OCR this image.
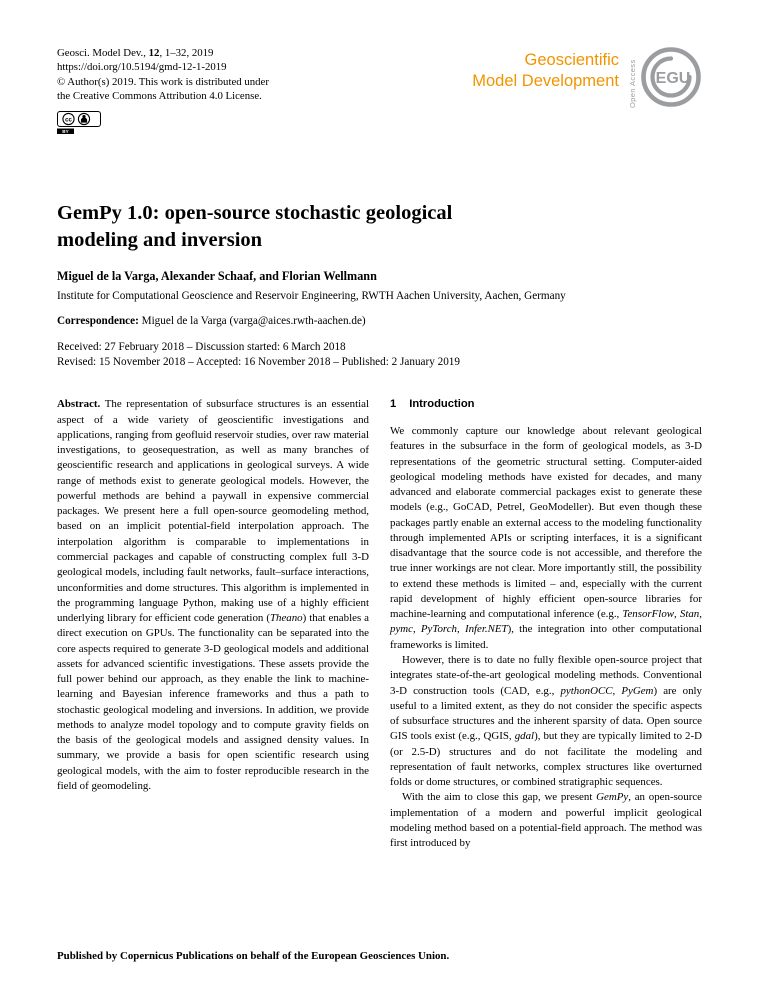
Geosci. Model Dev., 12, 1–32, 2019
https://doi.org/10.5194/gmd-12-1-2019
© Author(s) 2019. This work is distributed under
the Creative Commons Attribution 4.0 License.
cc
BY
Geoscientific
Model Development Open Access EGU
GemPy 1.0: open-source stochastic geological
modeling and inversion
Miguel de la Varga, Alexander Schaaf, and Florian Wellmann
Institute for Computational Geoscience and Reservoir Engineering, RWTH Aachen University, Aachen, Germany
Correspondence: Miguel de la Varga (varga@aices.rwth-aachen.de)
Received: 27 February 2018 – Discussion started: 6 March 2018
Revised: 15 November 2018 – Accepted: 16 November 2018 – Published: 2 January 2019

Abstract. The representation of subsurface structures is an essential aspect of a wide variety of geoscientific investigations and applications, ranging from geofluid reservoir studies, over raw material investigations, to geosequestration, as well as many branches of geoscientific research and applications in geological surveys. A wide range of methods exist to generate geological models. However, the powerful methods are behind a paywall in expensive commercial packages. We present here a full open-source geomodeling method, based on an implicit potential-field interpolation approach. The interpolation algorithm is comparable to implementations in commercial packages and capable of constructing complex full 3-D geological models, including fault networks, fault–surface interactions, unconformities and dome structures. This algorithm is implemented in the programming language Python, making use of a highly efficient underlying library for efficient code generation (Theano) that enables a direct execution on GPUs. The functionality can be separated into the core aspects required to generate 3-D geological models and additional assets for advanced scientific investigations. These assets provide the full power behind our approach, as they enable the link to machine-learning and Bayesian inference frameworks and thus a path to stochastic geological modeling and inversions. In addition, we provide methods to analyze model topology and to compute gravity fields on the basis of the geological models and assigned density values. In summary, we provide a basis for open scientific research using geological models, with the aim to foster reproducible research in the field of geomodeling.

1 Introduction

We commonly capture our knowledge about relevant geological features in the subsurface in the form of geological models, as 3-D representations of the geometric structural setting. Computer-aided geological modeling methods have existed for decades, and many advanced and elaborate commercial packages exist to generate these models (e.g., GoCAD, Petrel, GeoModeller). But even though these packages partly enable an external access to the modeling functionality through implemented APIs or scripting interfaces, it is a significant disadvantage that the source code is not accessible, and therefore the true inner workings are not clear. More importantly still, the possibility to extend these methods is limited – and, especially with the current rapid development of highly efficient open-source libraries for machine-learning and computational inference (e.g., TensorFlow, Stan, pymc, PyTorch, Infer.NET), the integration into other computational frameworks is limited.

However, there is to date no fully flexible open-source project that integrates state-of-the-art geological modeling methods. Conventional 3-D construction tools (CAD, e.g., pythonOCC, PyGem) are only useful to a limited extent, as they do not consider the specific aspects of subsurface structures and the inherent sparsity of data. Open source GIS tools exist (e.g., QGIS, gdal), but they are typically limited to 2-D (or 2.5-D) structures and do not facilitate the modeling and representation of fault networks, complex structures like overturned folds or dome structures, or combined stratigraphic sequences.

With the aim to close this gap, we present GemPy, an open-source implementation of a modern and powerful implicit geological modeling method based on a potential-field approach. The method was first introduced by

Published by Copernicus Publications on behalf of the European Geosciences Union.
